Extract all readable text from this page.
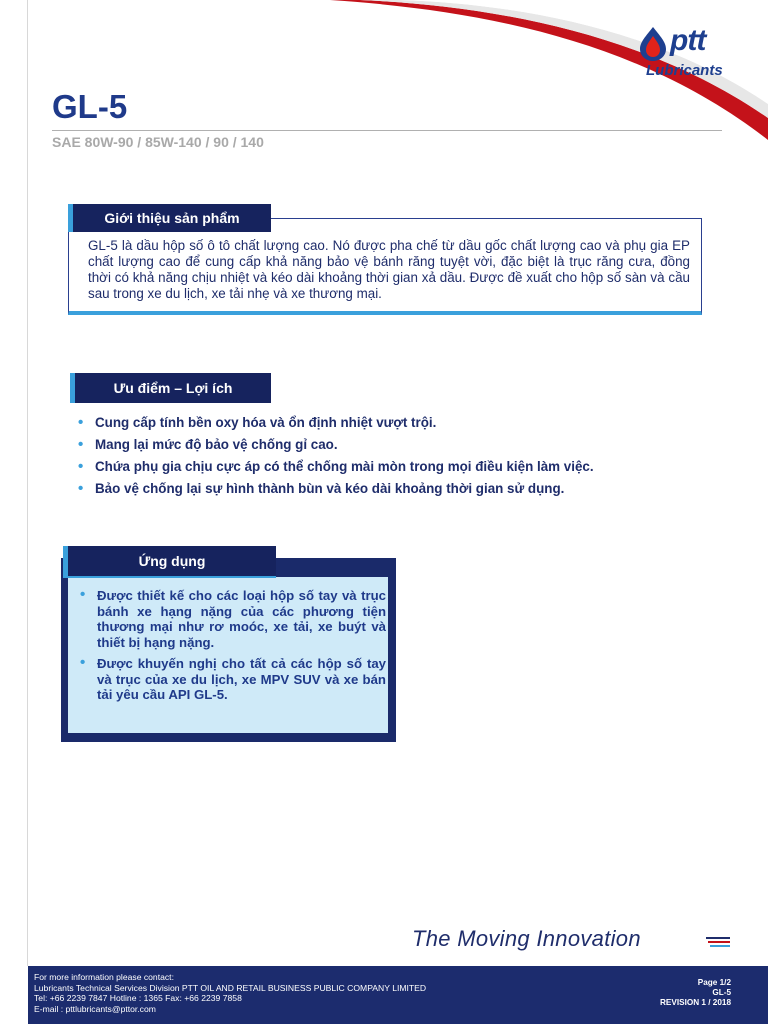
ptt
Lubricants
GL-5
SAE 80W-90 / 85W-140 / 90 / 140
Giới thiệu sản phẩm
GL-5 là dầu hộp số ô tô chất lượng cao. Nó được pha chế từ dầu gốc chất lượng cao và phụ gia EP chất lượng cao để cung cấp khả năng bảo vệ bánh răng tuyệt vời, đặc biệt là trục răng cưa, đồng thời có khả năng chịu nhiệt và kéo dài khoảng thời gian xả dầu. Được đề xuất cho hộp số sàn và cầu sau trong xe du lịch, xe tải nhẹ và xe thương mại.
Ưu điểm – Lợi ích
• Cung cấp tính bền oxy hóa và ổn định nhiệt vượt trội.
• Mang lại mức độ bảo vệ chống gỉ cao.
• Chứa phụ gia chịu cực áp có thể chống mài mòn trong mọi điều kiện làm việc.
• Bảo vệ chống lại sự hình thành bùn và kéo dài khoảng thời gian sử dụng.
Ứng dụng
• Được thiết kế cho các loại hộp số tay và trục bánh xe hạng nặng của các phương tiện thương mại như rơ moóc, xe tải, xe buýt và thiết bị hạng nặng.
• Được khuyến nghị cho tất cả các hộp số tay và trục của xe du lịch, xe MPV SUV và xe bán tải yêu cầu API GL-5.
The Moving Innovation
For more information please contact:
Lubricants Technical Services Division PTT OIL AND RETAIL BUSINESS PUBLIC COMPANY LIMITED
Tel: +66 2239 7847 Hotline : 1365 Fax: +66 2239 7858
E-mail : pttlubricants@pttor.com
Page 1/2
GL-5
REVISION 1 / 2018
